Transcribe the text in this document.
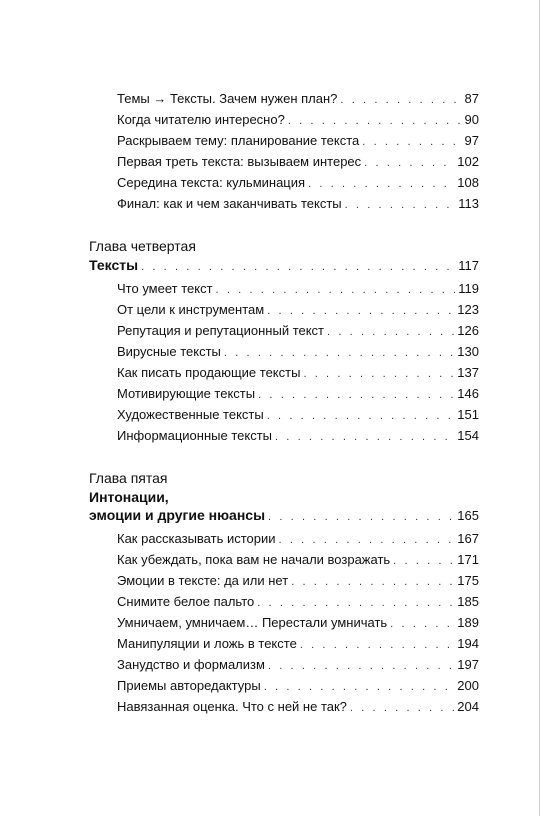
Темы → Тексты. Зачем нужен план? . . .	87
Когда читателю интересно? . . .	90
Раскрываем тему: планирование текста . . .	97
Первая треть текста: вызываем интерес . . .	102
Середина текста: кульминация . . .	108
Финал: как и чем заканчивать тексты . . .	113
Глава четвертая
Тексты . . .	117
Что умеет текст . . .	119
От цели к инструментам . . .	123
Репутация и репутационный текст . . .	126
Вирусные тексты . . .	130
Как писать продающие тексты . . .	137
Мотивирующие тексты . . .	146
Художественные тексты . . .	151
Информационные тексты . . .	154
Глава пятая
Интонации,
эмоции и другие нюансы . . .	165
Как рассказывать истории . . .	167
Как убеждать, пока вам не начали возражать . . .	171
Эмоции в тексте: да или нет . . .	175
Снимите белое пальто . . .	185
Умничаем, умничаем… Перестали умничать . . .	189
Манипуляции и ложь в тексте . . .	194
Занудство и формализм . . .	197
Приемы авторедактуры . . .	200
Навязанная оценка. Что с ней не так? . . .	204
